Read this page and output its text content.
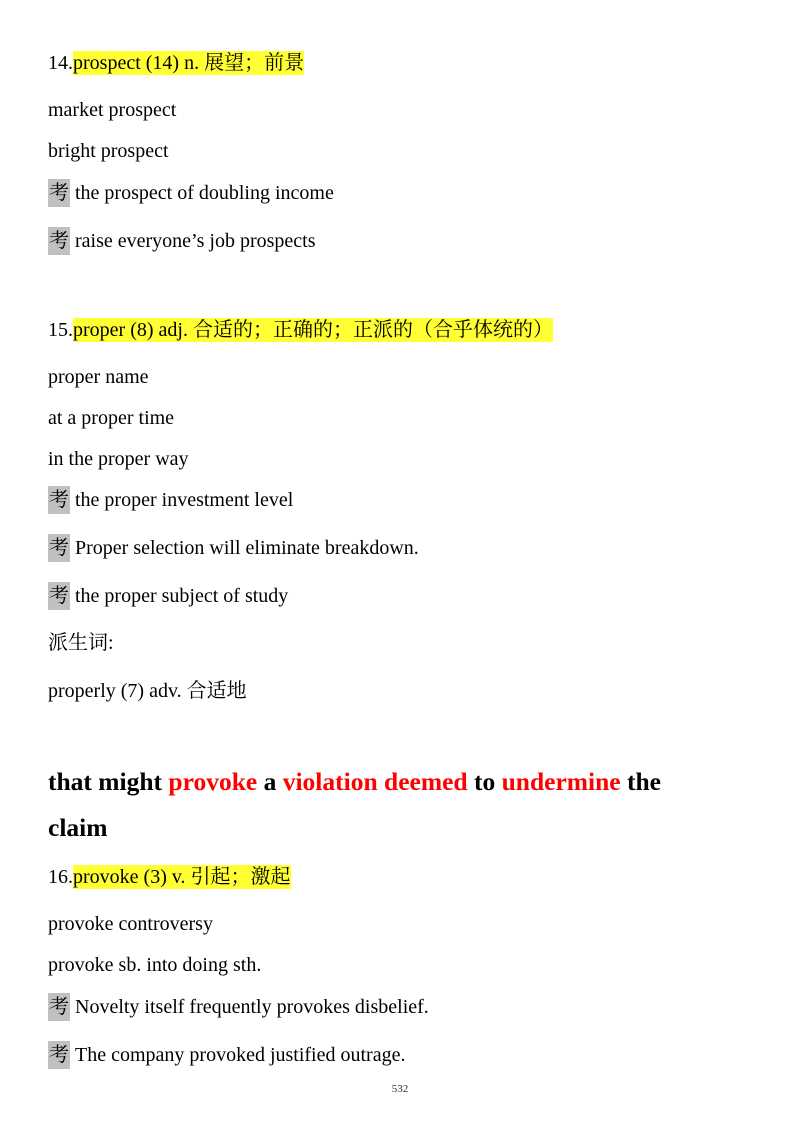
14.prospect (14) n. 展望；前景
market prospect
bright prospect
考 the prospect of doubling income
考 raise everyone’s job prospects
15.proper (8) adj. 合适的；正确的；正派的（合乎体统的）
proper name
at a proper time
in the proper way
考 the proper investment level
考 Proper selection will eliminate breakdown.
考 the proper subject of study
派生词:
properly (7) adv. 合适地
that might provoke a violation deemed to undermine the
claim
16.provoke (3) v. 引起；激起
provoke controversy
provoke sb. into doing sth.
考 Novelty itself frequently provokes disbelief.
考 The company provoked justified outrage.
532
